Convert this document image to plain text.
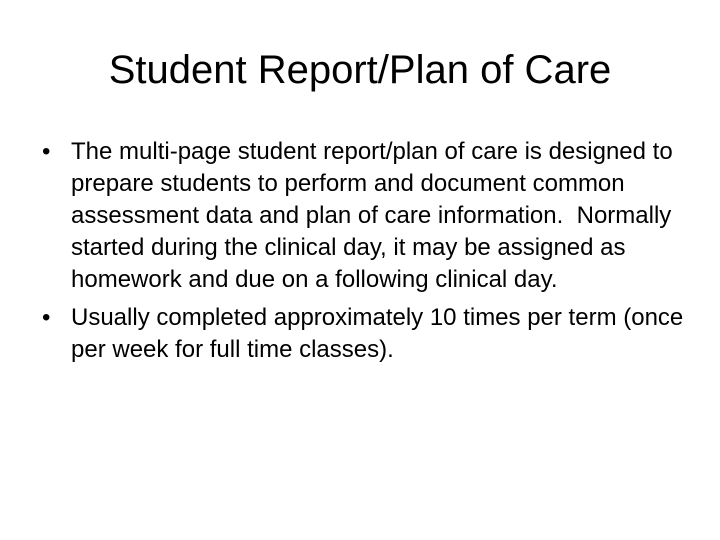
Student Report/Plan of Care
• The multi-page student report/plan of care is designed to prepare students to perform and document common assessment data and plan of care information.  Normally started during the clinical day, it may be assigned as homework and due on a following clinical day.
• Usually completed approximately 10 times per term (once per week for full time classes).
